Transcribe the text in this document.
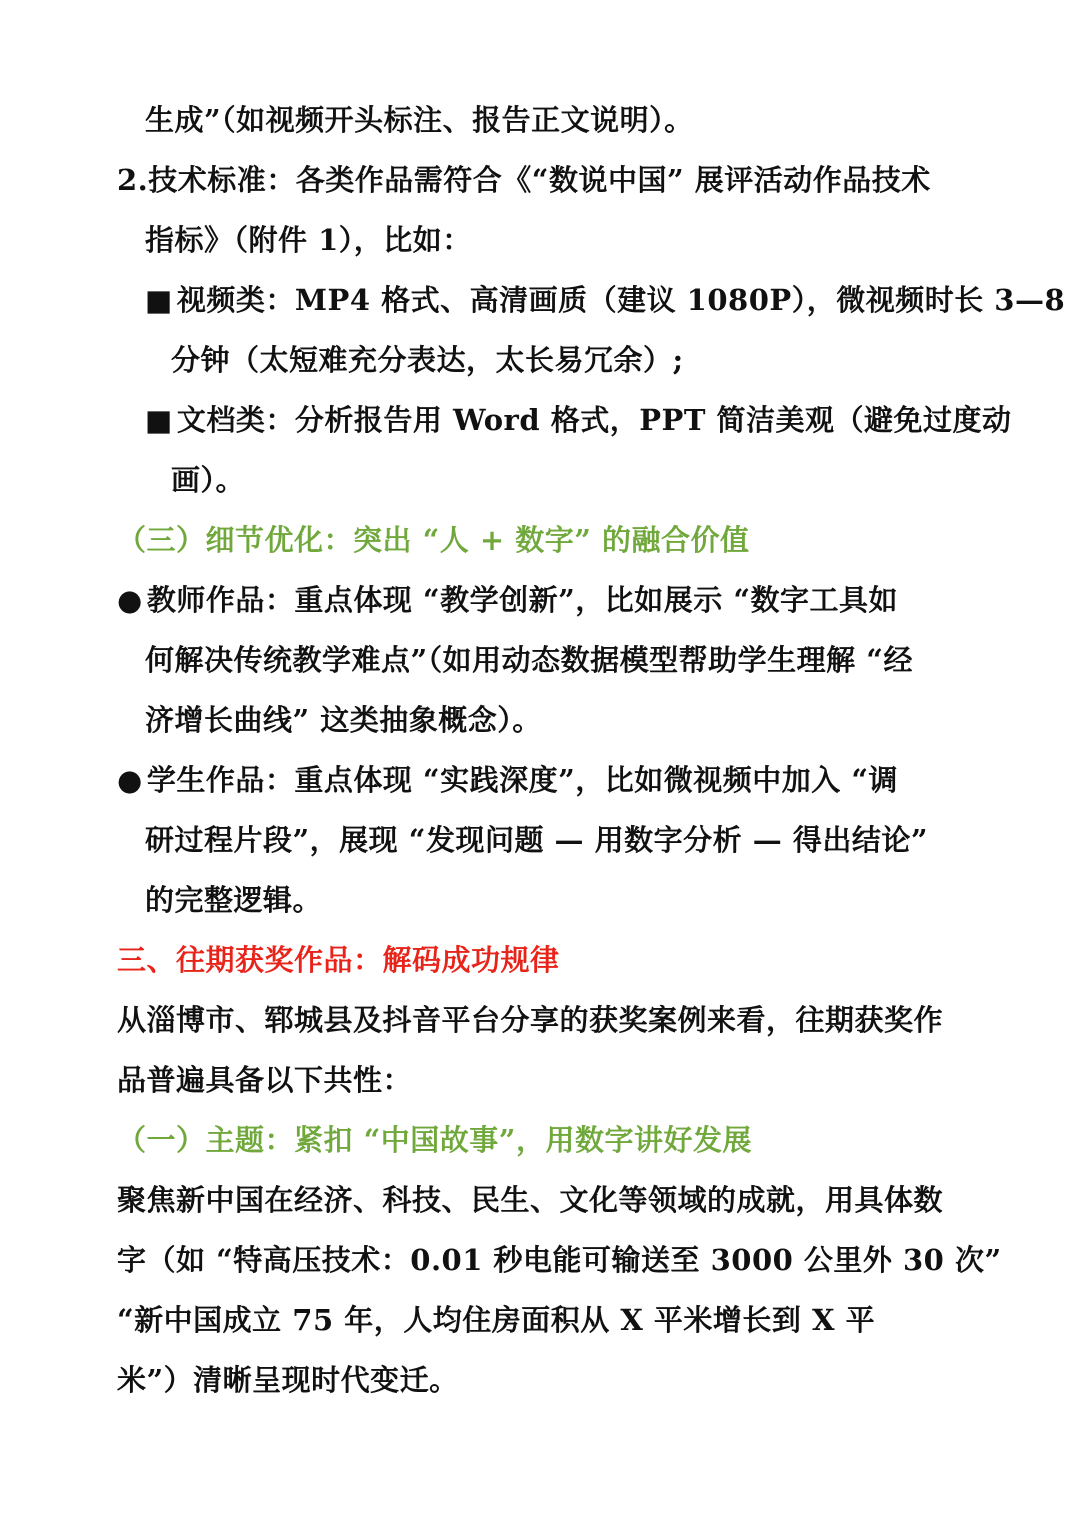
生成”（如视频开头标注、报告正文说明）。
2.技术标准：各类作品需符合《“数说中国” 展评活动作品技术
指标》（附件 1），比如：
■ 视频类：MP4 格式、高清画质（建议 1080P），微视频时长 3—8
分钟（太短难充分表达，太长易冗余）;
■ 文档类：分析报告用 Word 格式，PPT 简洁美观（避免过度动
画）。
（三）细节优化：突出 “人 + 数字” 的融合价值
● 教师作品：重点体现 “教学创新”，比如展示 “数字工具如
何解决传统教学难点”（如用动态数据模型帮助学生理解 “经
济增长曲线” 这类抽象概念）。
● 学生作品：重点体现 “实践深度”，比如微视频中加入 “调
研过程片段”，展现 “发现问题 — 用数字分析 — 得出结论”
的完整逻辑。
三、往期获奖作品：解码成功规律
从淄博市、郓城县及抖音平台分享的获奖案例来看，往期获奖作
品普遍具备以下共性：
（一）主题：紧扣 “中国故事”，用数字讲好发展
聚焦新中国在经济、科技、民生、文化等领域的成就，用具体数
字（如 “特高压技术：0.01 秒电能可输送至 3000 公里外 30 次”
“新中国成立 75 年，人均住房面积从 X 平米增长到 X 平
米”）清晰呈现时代变迁。
